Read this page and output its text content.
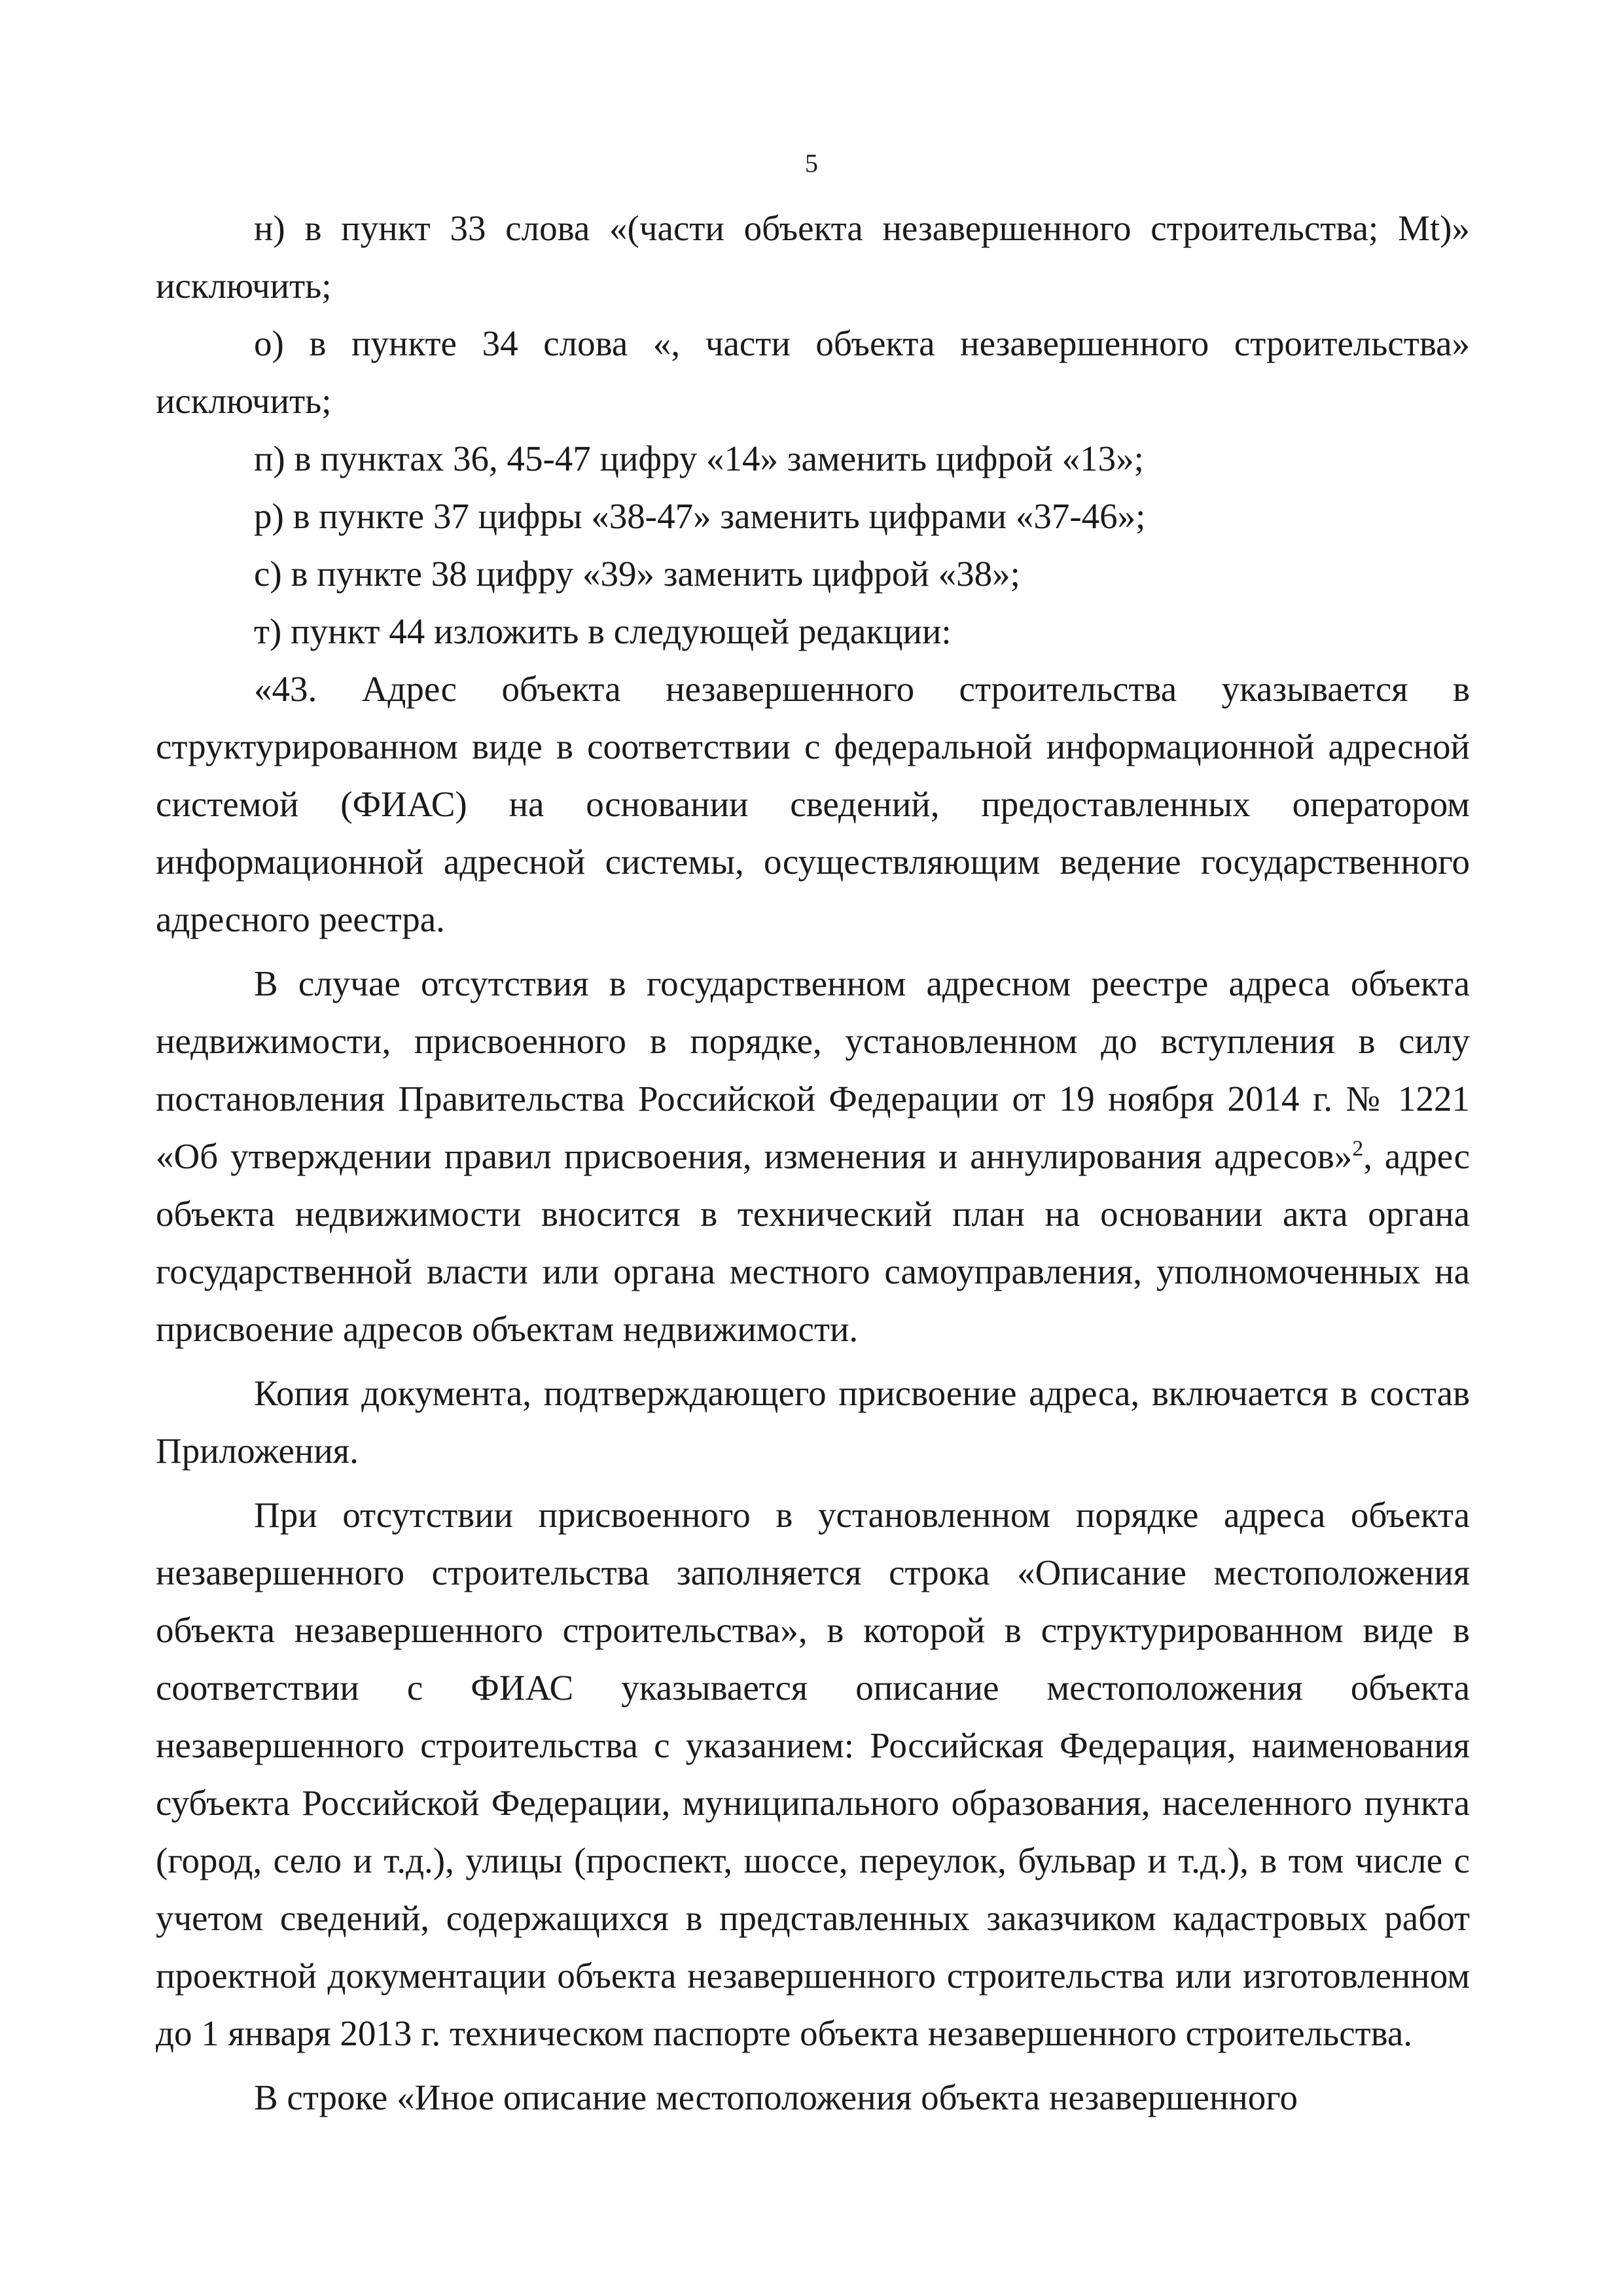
5

н) в пункт 33 слова «(части объекта незавершенного строительства; Mt)» исключить;

о) в пункте 34 слова «, части объекта незавершенного строительства» исключить;

п) в пунктах 36, 45-47 цифру «14» заменить цифрой «13»;

р) в пункте 37 цифры «38-47» заменить цифрами «37-46»;

с) в пункте 38 цифру «39» заменить цифрой «38»;

т) пункт 44 изложить в следующей редакции:

«43. Адрес объекта незавершенного строительства указывается в структурированном виде в соответствии с федеральной информационной адресной системой (ФИАС) на основании сведений, предоставленных оператором информационной адресной системы, осуществляющим ведение государственного адресного реестра.

В случае отсутствия в государственном адресном реестре адреса объекта недвижимости, присвоенного в порядке, установленном до вступления в силу постановления Правительства Российской Федерации от 19 ноября 2014 г. № 1221 «Об утверждении правил присвоения, изменения и аннулирования адресов»$^2$, адрес объекта недвижимости вносится в технический план на основании акта органа государственной власти или органа местного самоуправления, уполномоченных на присвоение адресов объектам недвижимости.

Копия документа, подтверждающего присвоение адреса, включается в состав Приложения.

При отсутствии присвоенного в установленном порядке адреса объекта незавершенного строительства заполняется строка «Описание местоположения объекта незавершенного строительства», в которой в структурированном виде в соответствии с ФИАС указывается описание местоположения объекта незавершенного строительства с указанием: Российская Федерация, наименования субъекта Российской Федерации, муниципального образования, населенного пункта (город, село и т.д.), улицы (проспект, шоссе, переулок, бульвар и т.д.), в том числе с учетом сведений, содержащихся в представленных заказчиком кадастровых работ проектной документации объекта незавершенного строительства или изготовленном до 1 января 2013 г. техническом паспорте объекта незавершенного строительства.

В строке «Иное описание местоположения объекта незавершенного
